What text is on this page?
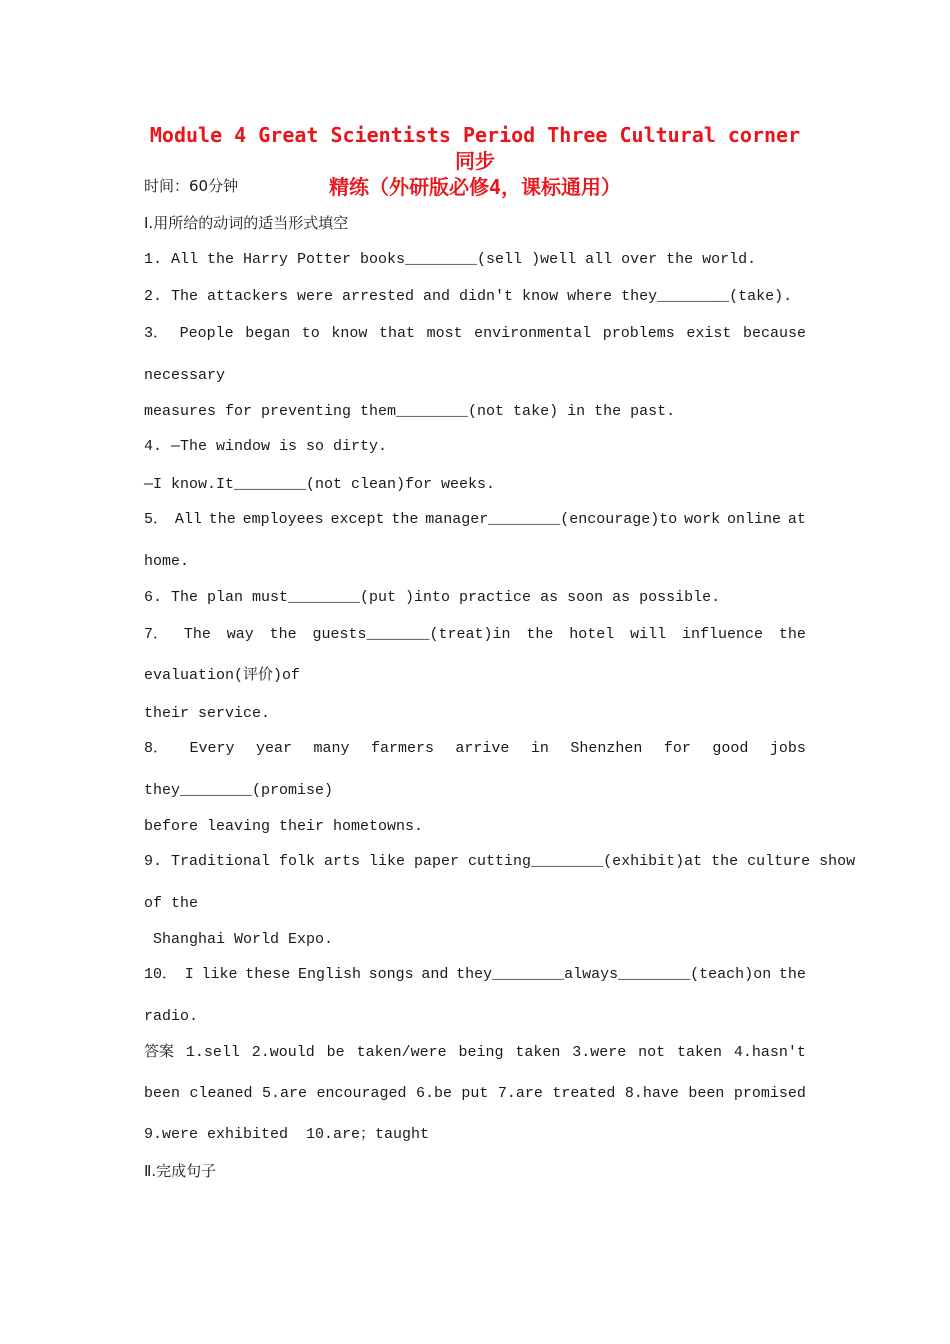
Module 4 Great Scientists Period Three Cultural corner 同步
精练（外研版必修4，课标通用）
时间：60分钟
I.用所给的动词的适当形式填空
1. All the Harry Potter books________(sell )well all over the world.
2. The attackers were arrested and didn't know where they________(take).
3． People began to know that most environmental problems exist because
necessary
measures for preventing them________(not take) in the past.
4. —The window is so dirty.
—I know.It________(not clean)for weeks.
5． All the employees except the manager________(encourage)to work online at
home.
6. The plan must________(put )into practice as soon as possible.
7． The way the guests_______(treat)in the hotel will influence the
evaluation(评价)of
their service.
8． Every year many farmers arrive in Shenzhen for good jobs
they________(promise)
before leaving their hometowns.
9. Traditional folk arts like paper cutting________(exhibit)at the culture show
of the
Shanghai World Expo.
10． I like these English songs and they________always________(teach)on the
radio.
答案 1.sell 2.would be taken/were being taken 3.were not taken 4.hasn't
been cleaned 5.are encouraged 6.be put 7.are treated 8.have been promised
9.were exhibited  10.are；taught
Ⅱ.完成句子
